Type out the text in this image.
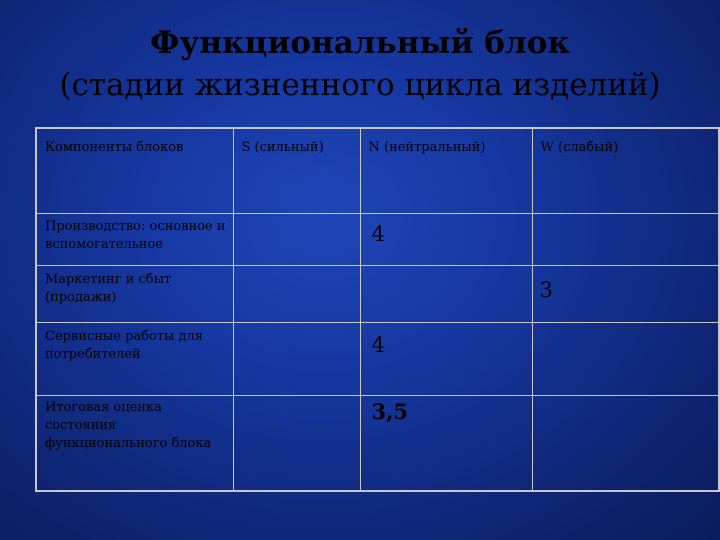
Функциональный блок
(стадии жизненного цикла изделий)
Компоненты блоков	S (сильный)	N (нейтральный)	W (слабый)

Производство: основное и вспомогательное		4	

Маркетинг и сбыт (продажи)			3

Сервисные работы для потребителей		4	

Итоговая оценка состояния функционального блока		3,5	
